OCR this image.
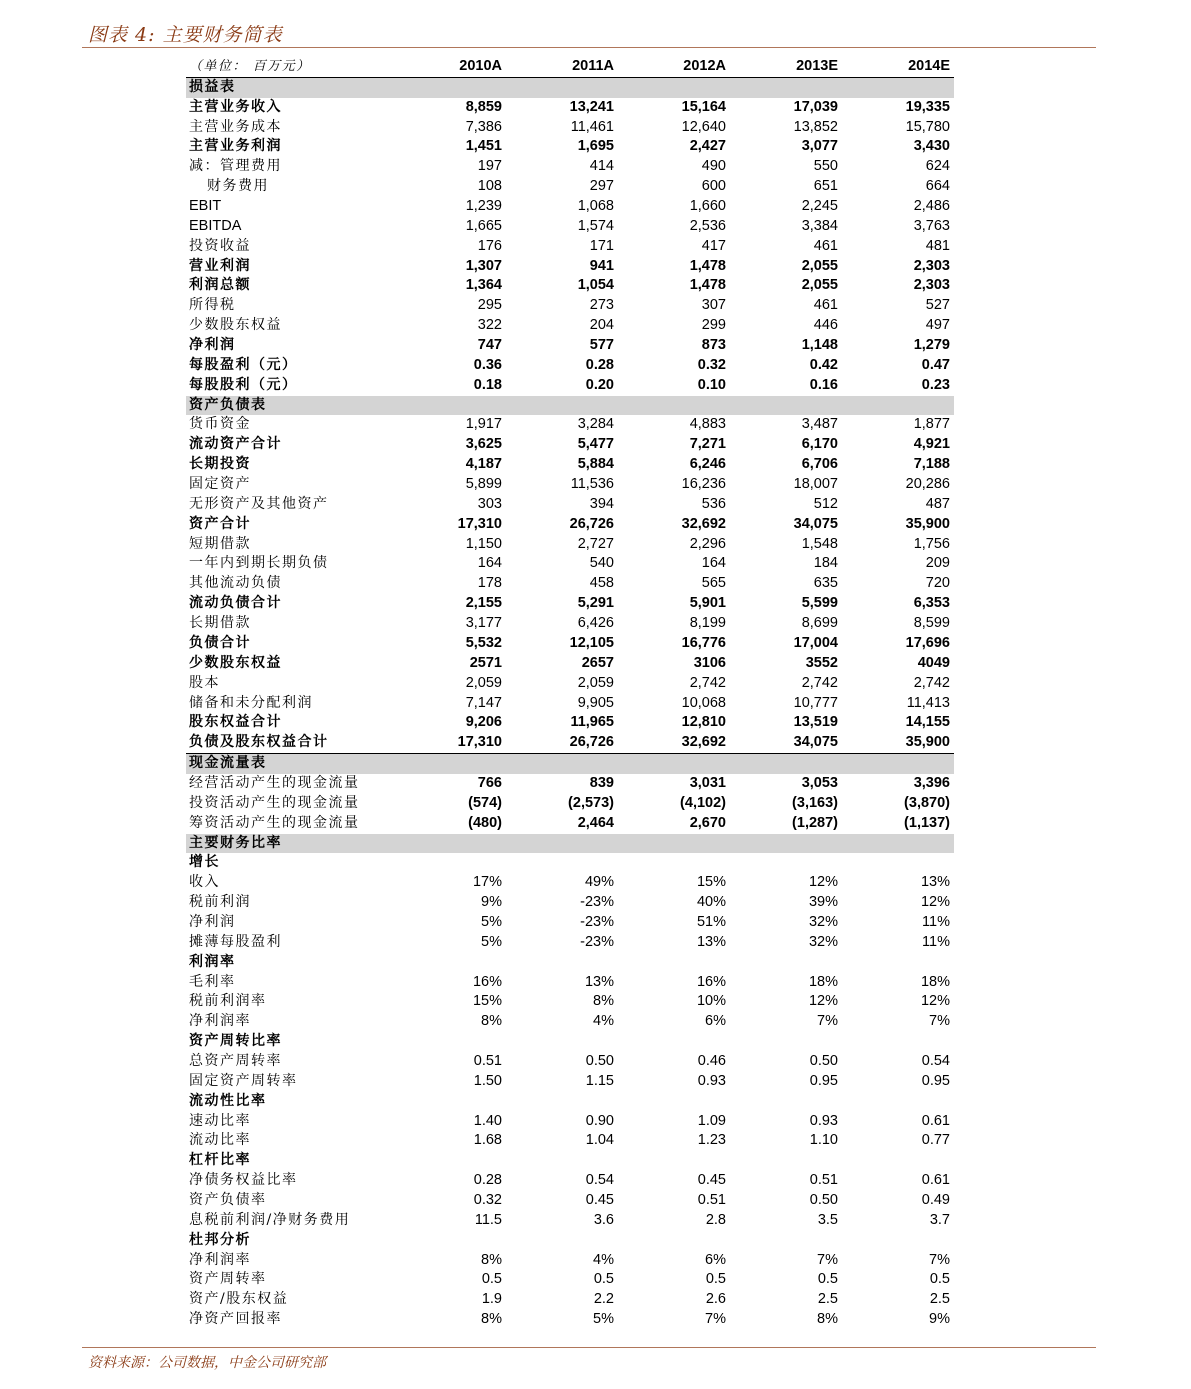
图表 4: 主要财务简表
（单位： 百万元）	2010A	2011A	2012A	2013E	2014E
损益表
主营业务收入	8,859	13,241	15,164	17,039	19,335
主营业务成本	7,386	11,461	12,640	13,852	15,780
主营业务利润	1,451	1,695	2,427	3,077	3,430
减：管理费用	197	414	490	550	624
财务费用	108	297	600	651	664
EBIT	1,239	1,068	1,660	2,245	2,486
EBITDA	1,665	1,574	2,536	3,384	3,763
投资收益	176	171	417	461	481
营业利润	1,307	941	1,478	2,055	2,303
利润总额	1,364	1,054	1,478	2,055	2,303
所得税	295	273	307	461	527
少数股东权益	322	204	299	446	497
净利润	747	577	873	1,148	1,279
每股盈利（元）	0.36	0.28	0.32	0.42	0.47
每股股利（元）	0.18	0.20	0.10	0.16	0.23
资产负债表
货币资金	1,917	3,284	4,883	3,487	1,877
流动资产合计	3,625	5,477	7,271	6,170	4,921
长期投资	4,187	5,884	6,246	6,706	7,188
固定资产	5,899	11,536	16,236	18,007	20,286
无形资产及其他资产	303	394	536	512	487
资产合计	17,310	26,726	32,692	34,075	35,900
短期借款	1,150	2,727	2,296	1,548	1,756
一年内到期长期负债	164	540	164	184	209
其他流动负债	178	458	565	635	720
流动负债合计	2,155	5,291	5,901	5,599	6,353
长期借款	3,177	6,426	8,199	8,699	8,599
负债合计	5,532	12,105	16,776	17,004	17,696
少数股东权益	2571	2657	3106	3552	4049
股本	2,059	2,059	2,742	2,742	2,742
储备和未分配利润	7,147	9,905	10,068	10,777	11,413
股东权益合计	9,206	11,965	12,810	13,519	14,155
负债及股东权益合计	17,310	26,726	32,692	34,075	35,900
现金流量表
经营活动产生的现金流量	766	839	3,031	3,053	3,396
投资活动产生的现金流量	(574)	(2,573)	(4,102)	(3,163)	(3,870)
筹资活动产生的现金流量	(480)	2,464	2,670	(1,287)	(1,137)
主要财务比率
增长
收入	17%	49%	15%	12%	13%
税前利润	9%	-23%	40%	39%	12%
净利润	5%	-23%	51%	32%	11%
摊薄每股盈利	5%	-23%	13%	32%	11%
利润率
毛利率	16%	13%	16%	18%	18%
税前利润率	15%	8%	10%	12%	12%
净利润率	8%	4%	6%	7%	7%
资产周转比率
总资产周转率	0.51	0.50	0.46	0.50	0.54
固定资产周转率	1.50	1.15	0.93	0.95	0.95
流动性比率
速动比率	1.40	0.90	1.09	0.93	0.61
流动比率	1.68	1.04	1.23	1.10	0.77
杠杆比率
净债务权益比率	0.28	0.54	0.45	0.51	0.61
资产负债率	0.32	0.45	0.51	0.50	0.49
息税前利润/净财务费用	11.5	3.6	2.8	3.5	3.7
杜邦分析
净利润率	8%	4%	6%	7%	7%
资产周转率	0.5	0.5	0.5	0.5	0.5
资产/股东权益	1.9	2.2	2.6	2.5	2.5
净资产回报率	8%	5%	7%	8%	9%
资料来源：公司数据，中金公司研究部
